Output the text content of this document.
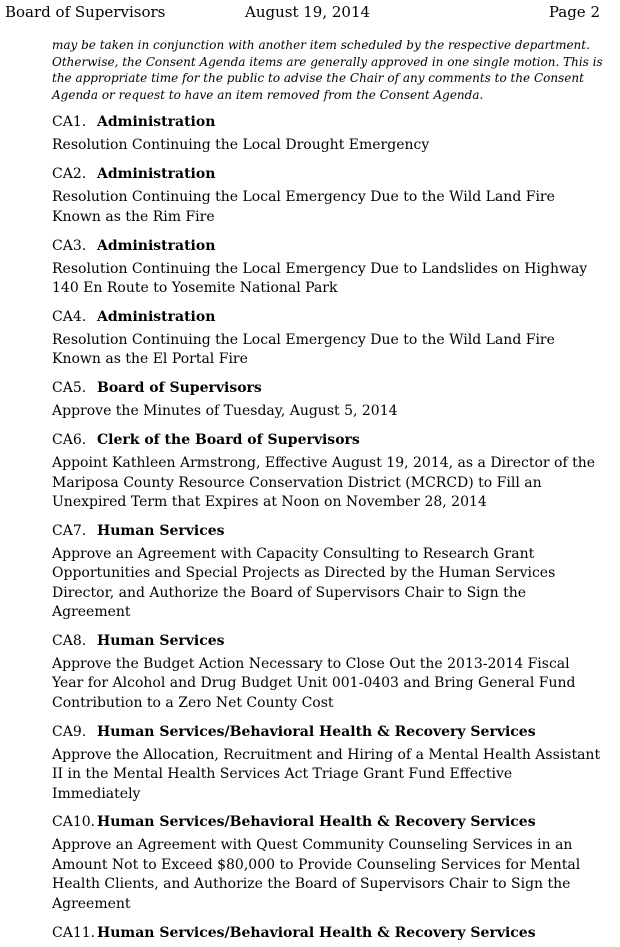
Board of Supervisors	August 19, 2014	Page 2

may be taken in conjunction with another item scheduled by the respective department. Otherwise, the Consent Agenda items are generally approved in one single motion. This is the appropriate time for the public to advise the Chair of any comments to the Consent Agenda or request to have an item removed from the Consent Agenda.

CA1. Administration

Resolution Continuing the Local Drought Emergency

CA2. Administration

Resolution Continuing the Local Emergency Due to the Wild Land Fire Known as the Rim Fire

CA3. Administration

Resolution Continuing the Local Emergency Due to Landslides on Highway 140 En Route to Yosemite National Park

CA4. Administration

Resolution Continuing the Local Emergency Due to the Wild Land Fire Known as the El Portal Fire

CA5. Board of Supervisors

Approve the Minutes of Tuesday, August 5, 2014

CA6. Clerk of the Board of Supervisors

Appoint Kathleen Armstrong, Effective August 19, 2014, as a Director of the Mariposa County Resource Conservation District (MCRCD) to Fill an Unexpired Term that Expires at Noon on November 28, 2014

CA7. Human Services

Approve an Agreement with Capacity Consulting to Research Grant Opportunities and Special Projects as Directed by the Human Services Director, and Authorize the Board of Supervisors Chair to Sign the Agreement

CA8. Human Services

Approve the Budget Action Necessary to Close Out the 2013-2014 Fiscal Year for Alcohol and Drug Budget Unit 001-0403 and Bring General Fund Contribution to a Zero Net County Cost

CA9. Human Services/Behavioral Health & Recovery Services

Approve the Allocation, Recruitment and Hiring of a Mental Health Assistant II in the Mental Health Services Act Triage Grant Fund Effective Immediately

CA10. Human Services/Behavioral Health & Recovery Services

Approve an Agreement with Quest Community Counseling Services in an Amount Not to Exceed $80,000 to Provide Counseling Services for Mental Health Clients, and Authorize the Board of Supervisors Chair to Sign the Agreement

CA11. Human Services/Behavioral Health & Recovery Services
